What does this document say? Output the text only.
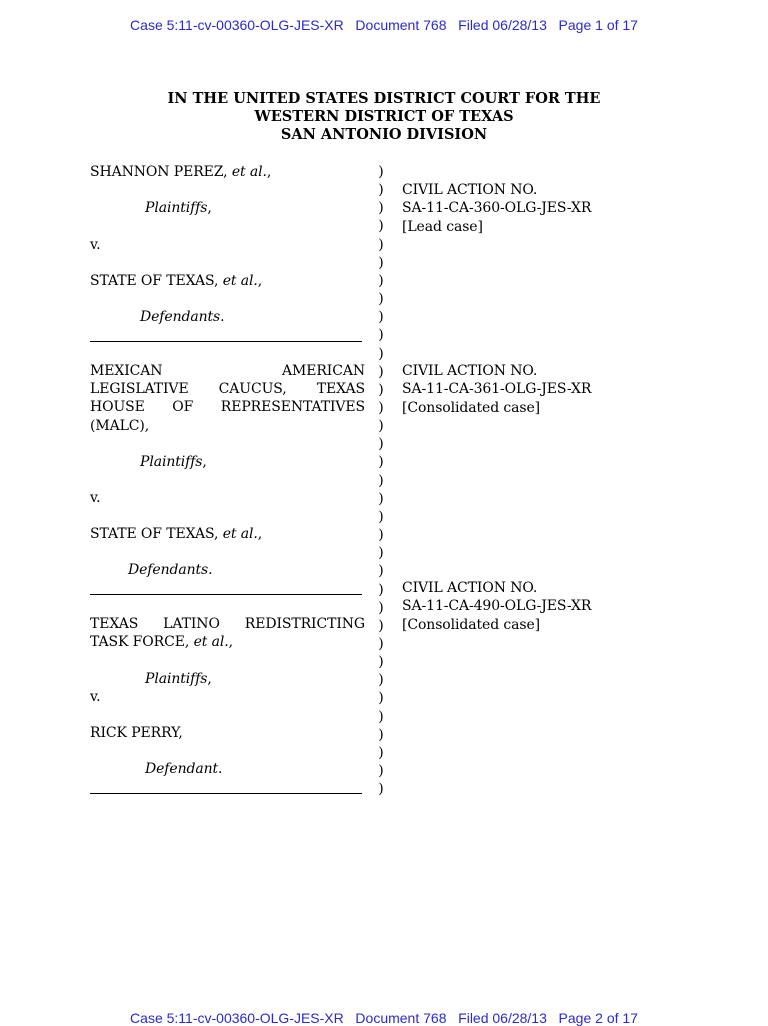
Case 5:11-cv-00360-OLG-JES-XR   Document 768   Filed 06/28/13   Page 1 of 17
Case 5:11-cv-00360-OLG-JES-XR   Document 768   Filed 06/28/13   Page 2 of 17
IN THE UNITED STATES DISTRICT COURT FOR THE
WESTERN DISTRICT OF TEXAS
SAN ANTONIO DIVISION
SHANNON PEREZ, et al.,
Plaintiffs,
v.
STATE OF TEXAS, et al.,
Defendants.
CIVIL ACTION NO.
SA-11-CA-360-OLG-JES-XR
[Lead case]
MEXICAN AMERICAN
LEGISLATIVE CAUCUS, TEXAS
HOUSE OF REPRESENTATIVES
(MALC),
Plaintiffs,
v.
STATE OF TEXAS, et al.,
Defendants.
CIVIL ACTION NO.
SA-11-CA-361-OLG-JES-XR
[Consolidated case]
TEXAS LATINO REDISTRICTING
TASK FORCE, et al.,
Plaintiffs,
v.
RICK PERRY,
Defendant.
CIVIL ACTION NO.
SA-11-CA-490-OLG-JES-XR
[Consolidated case]
)
)
)
)
)
)
)
)
)
)
)
)
)
)
)
)
)
)
)
)
)
)
)
)
)
)
)
)
)
)
)
)
)
)
)
